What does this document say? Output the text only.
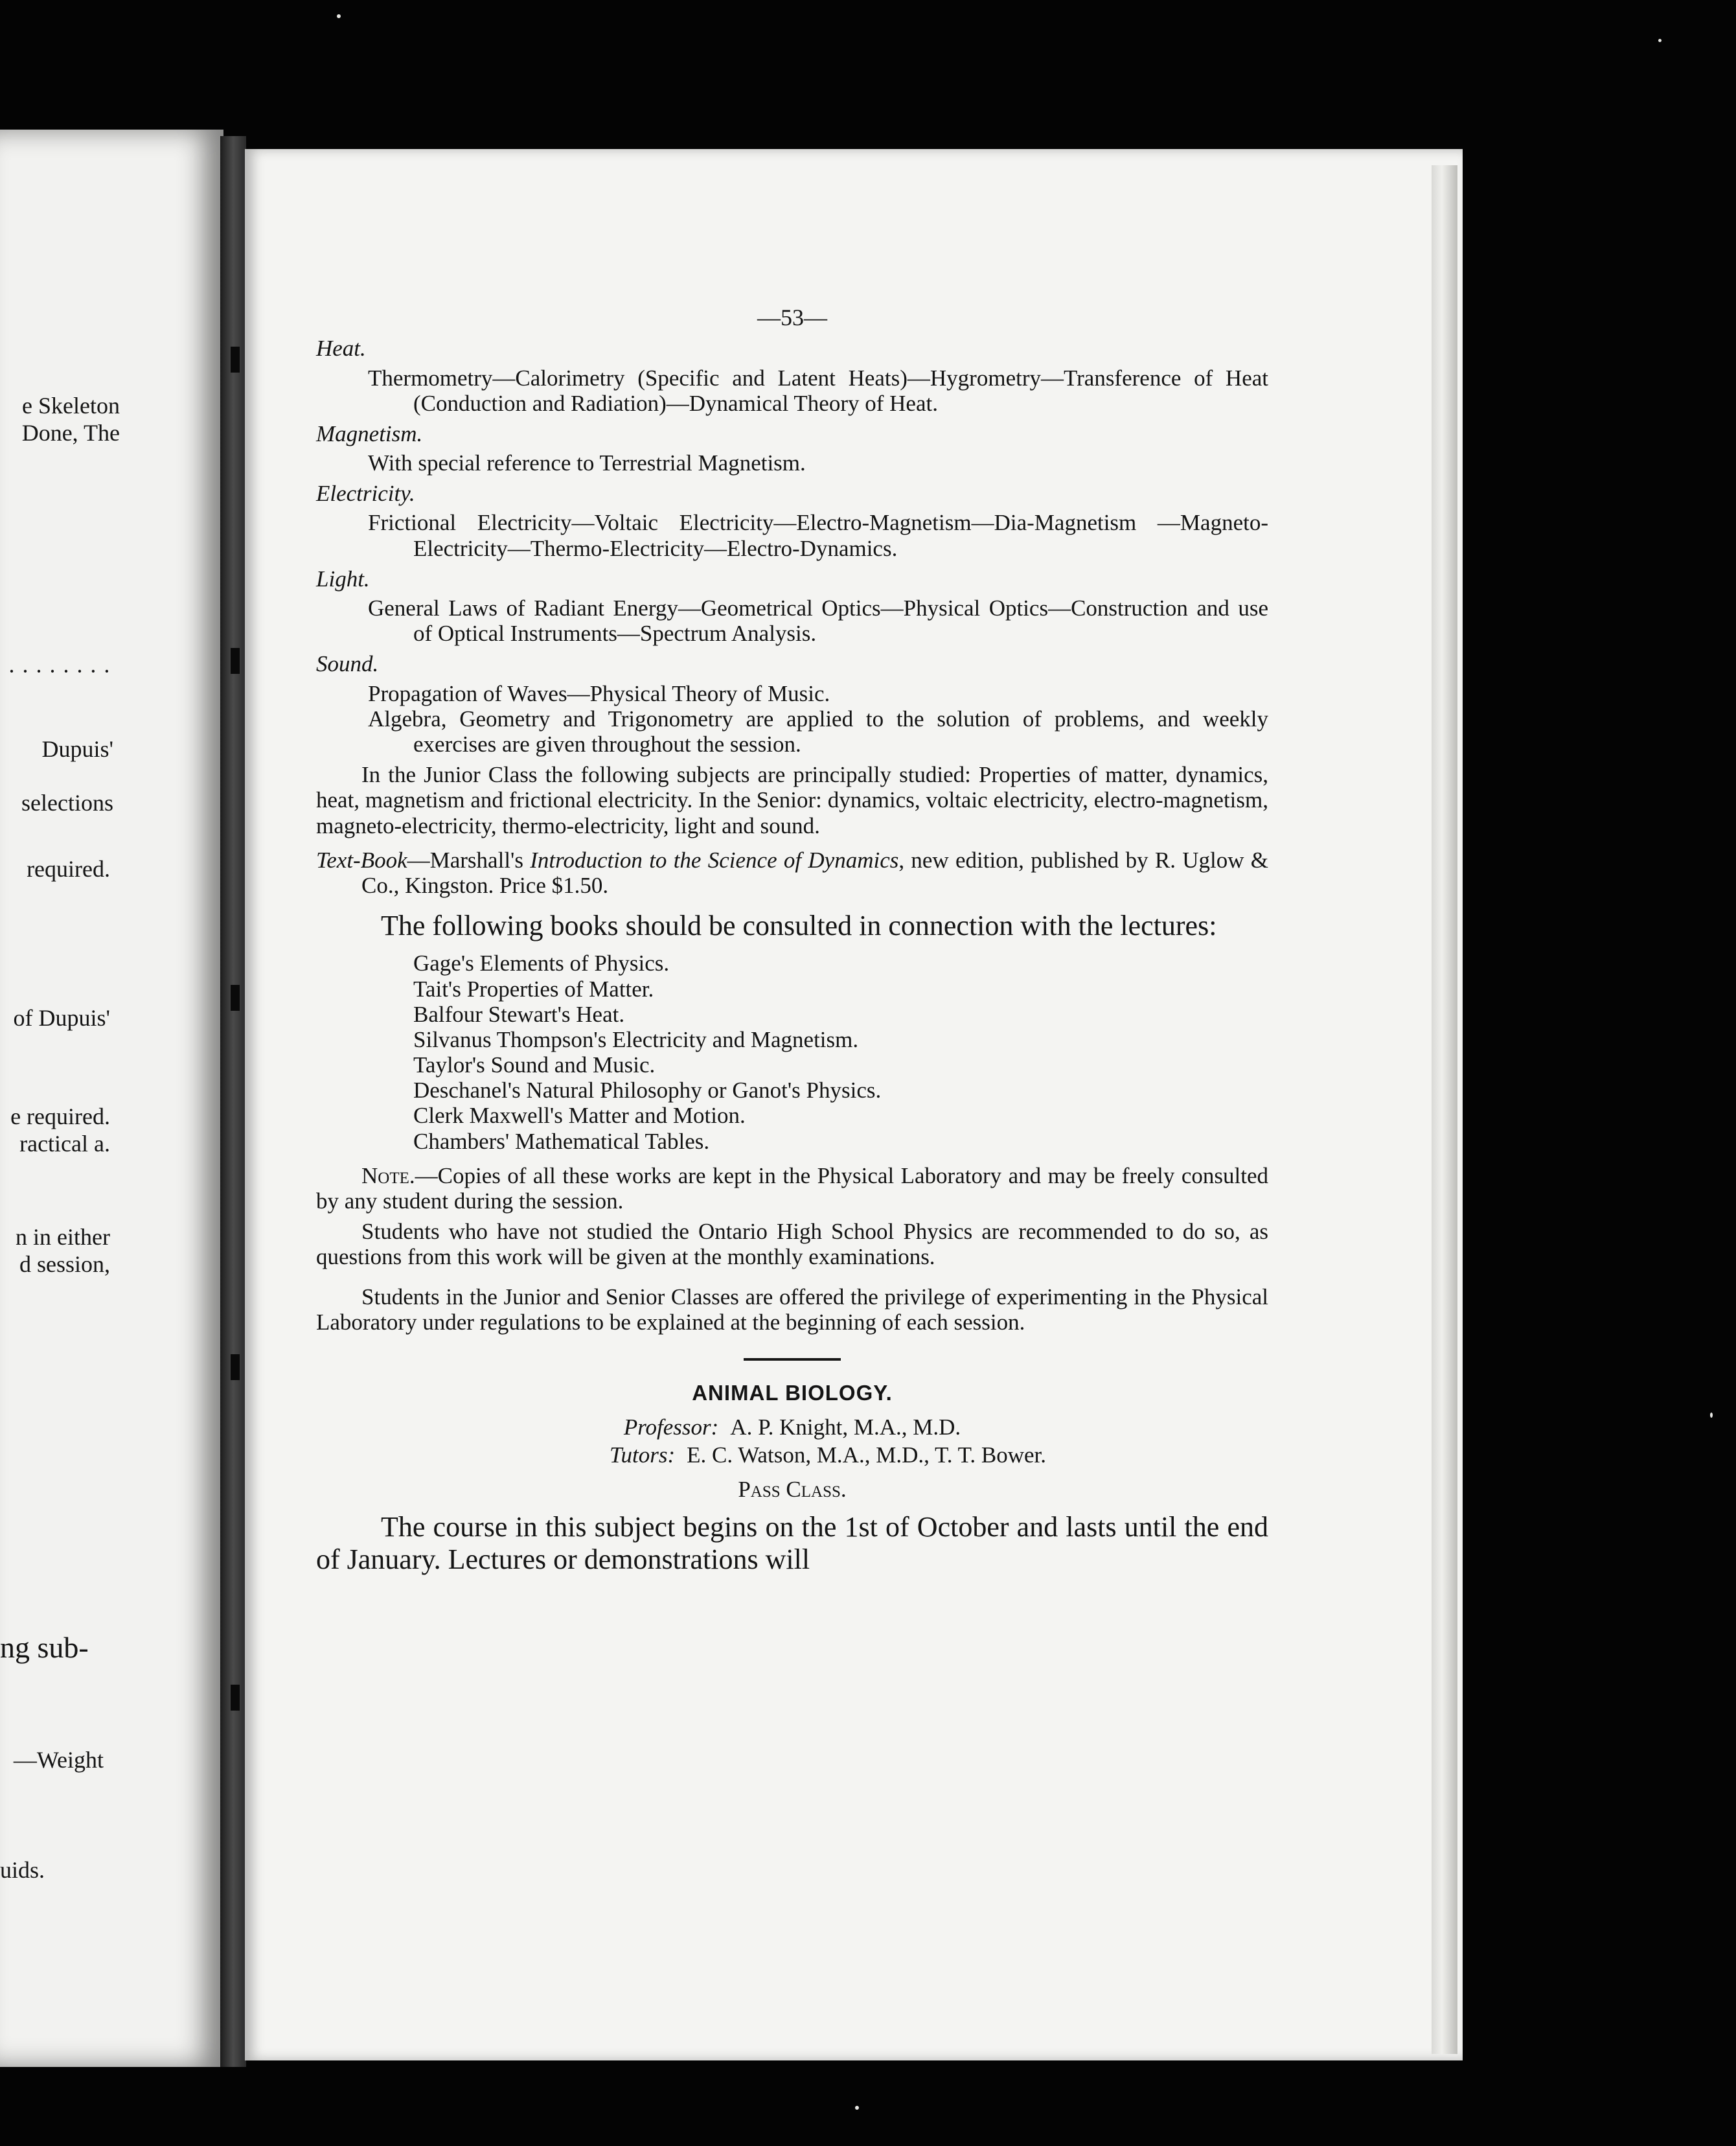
e Skeleton
Done, The
· · · · · · · ·
Dupuis'
selections
required.
of Dupuis'
e required.
ractical a.
n in either
d session,
ng sub-
—Weight
uids.
—53—
Heat.
Thermometry—Calorimetry (Specific and Latent Heats)—Hygrometry—Transference of Heat (Conduction and Radiation)—Dynamical Theory of Heat.
Magnetism.
With special reference to Terrestrial Magnetism.
Electricity.
Frictional Electricity—Voltaic Electricity—Electro-Magnetism—Dia-Magnetism —Magneto-Electricity—Thermo-Electricity—Electro-Dynamics.
Light.
General Laws of Radiant Energy—Geometrical Optics—Physical Optics—Construction and use of Optical Instruments—Spectrum Analysis.
Sound.
Propagation of Waves—Physical Theory of Music.
Algebra, Geometry and Trigonometry are applied to the solution of problems, and weekly exercises are given throughout the session.
In the Junior Class the following subjects are principally studied: Properties of matter, dynamics, heat, magnetism and frictional electricity. In the Senior: dynamics, voltaic electricity, electro-magnetism, magneto-electricity, thermo-electricity, light and sound.
Text-Book—Marshall's Introduction to the Science of Dynamics, new edition, published by R. Uglow & Co., Kingston. Price $1.50.
The following books should be consulted in connection with the lectures:
Gage's Elements of Physics.
Tait's Properties of Matter.
Balfour Stewart's Heat.
Silvanus Thompson's Electricity and Magnetism.
Taylor's Sound and Music.
Deschanel's Natural Philosophy or Ganot's Physics.
Clerk Maxwell's Matter and Motion.
Chambers' Mathematical Tables.
Note.—Copies of all these works are kept in the Physical Laboratory and may be freely consulted by any student during the session.
Students who have not studied the Ontario High School Physics are recommended to do so, as questions from this work will be given at the monthly examinations.
Students in the Junior and Senior Classes are offered the privilege of experimenting in the Physical Laboratory under regulations to be explained at the beginning of each session.
ANIMAL BIOLOGY.
Professor: A. P. Knight, M.A., M.D.
Tutors: E. C. Watson, M.A., M.D., T. T. Bower.
Pass Class.
The course in this subject begins on the 1st of October and lasts until the end of January. Lectures or demonstrations will
